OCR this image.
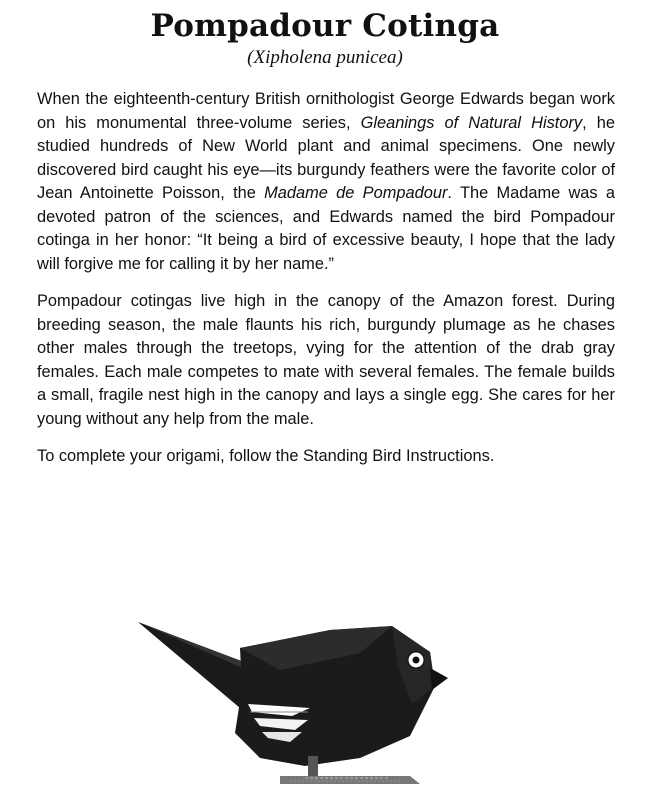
Pompadour Cotinga
(Xipholena punicea)

When the eighteenth-century British ornithologist George Edwards began work on his monumental three-volume series, Gleanings of Natural History, he studied hundreds of New World plant and animal specimens. One newly discovered bird caught his eye—its burgundy feathers were the favorite color of Jean Antoinette Poisson, the Madame de Pompadour. The Madame was a devoted patron of the sciences, and Edwards named the bird Pompadour cotinga in her honor: “It being a bird of excessive beauty, I hope that the lady will forgive me for calling it by her name.”

Pompadour cotingas live high in the canopy of the Amazon forest. During breeding season, the male flaunts his rich, burgundy plumage as he chases other males through the treetops, vying for the attention of the drab gray females. Each male competes to mate with several females. The female builds a small, fragile nest high in the canopy and lays a single egg. She cares for her young without any help from the male.

To complete your origami, follow the Standing Bird Instructions.
